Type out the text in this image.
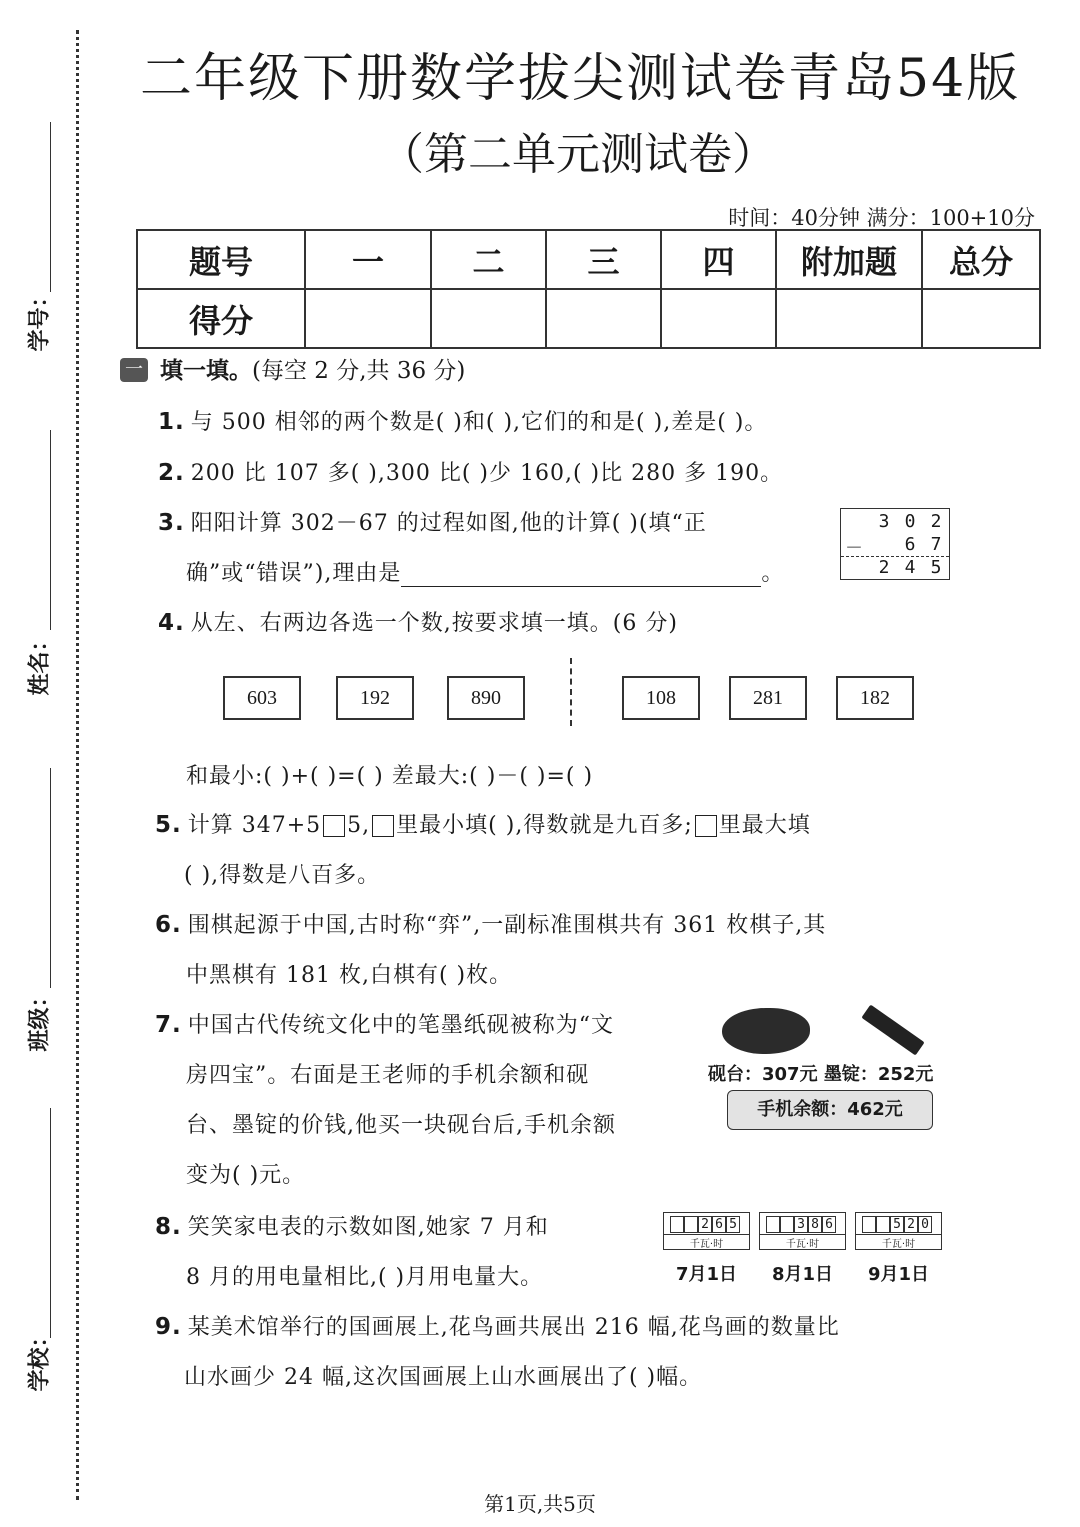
学号：
姓名：
班级：
学校：
二年级下册数学拔尖测试卷青岛54版
（第二单元测试卷）
时间：40分钟 满分：100+10分
题号	一	二	三	四	附加题	总分
得分						
一 填一填。(每空 2 分,共 36 分)
1. 与 500 相邻的两个数是( )和( ),它们的和是( ),差是( )。
2. 200 比 107 多( ),300 比( )少 160,( )比 280 多 190。
3. 阳阳计算 302－67 的过程如图,他的计算( )(填“正
确”或“错误”),理由是	。
3 0 2
－	6 7
2 4 5
4. 从左、右两边各选一个数,按要求填一填。(6 分)
603	192	890	108	281	182
和最小:( )+( )=( ) 差最大:( )－( )=( )
5. 计算 347+5 5, 里最小填( ),得数就是九百多; 里最大填
( ),得数是八百多。
6. 围棋起源于中国,古时称“弈”,一副标准围棋共有 361 枚棋子,其
中黑棋有 181 枚,白棋有( )枚。
7. 中国古代传统文化中的笔墨纸砚被称为“文
房四宝”。右面是王老师的手机余额和砚
台、墨锭的价钱,他买一块砚台后,手机余额
变为( )元。
砚台：307元 墨锭：252元
手机余额：462元
8. 笑笑家电表的示数如图,她家 7 月和
8 月的用电量相比,( )月用电量大。
2 6 5
千瓦·时
3 8 6
千瓦·时
5 2 0
千瓦·时
7月1日 8月1日 9月1日
9. 某美术馆举行的国画展上,花鸟画共展出 216 幅,花鸟画的数量比
山水画少 24 幅,这次国画展上山水画展出了( )幅。
第1页,共5页
